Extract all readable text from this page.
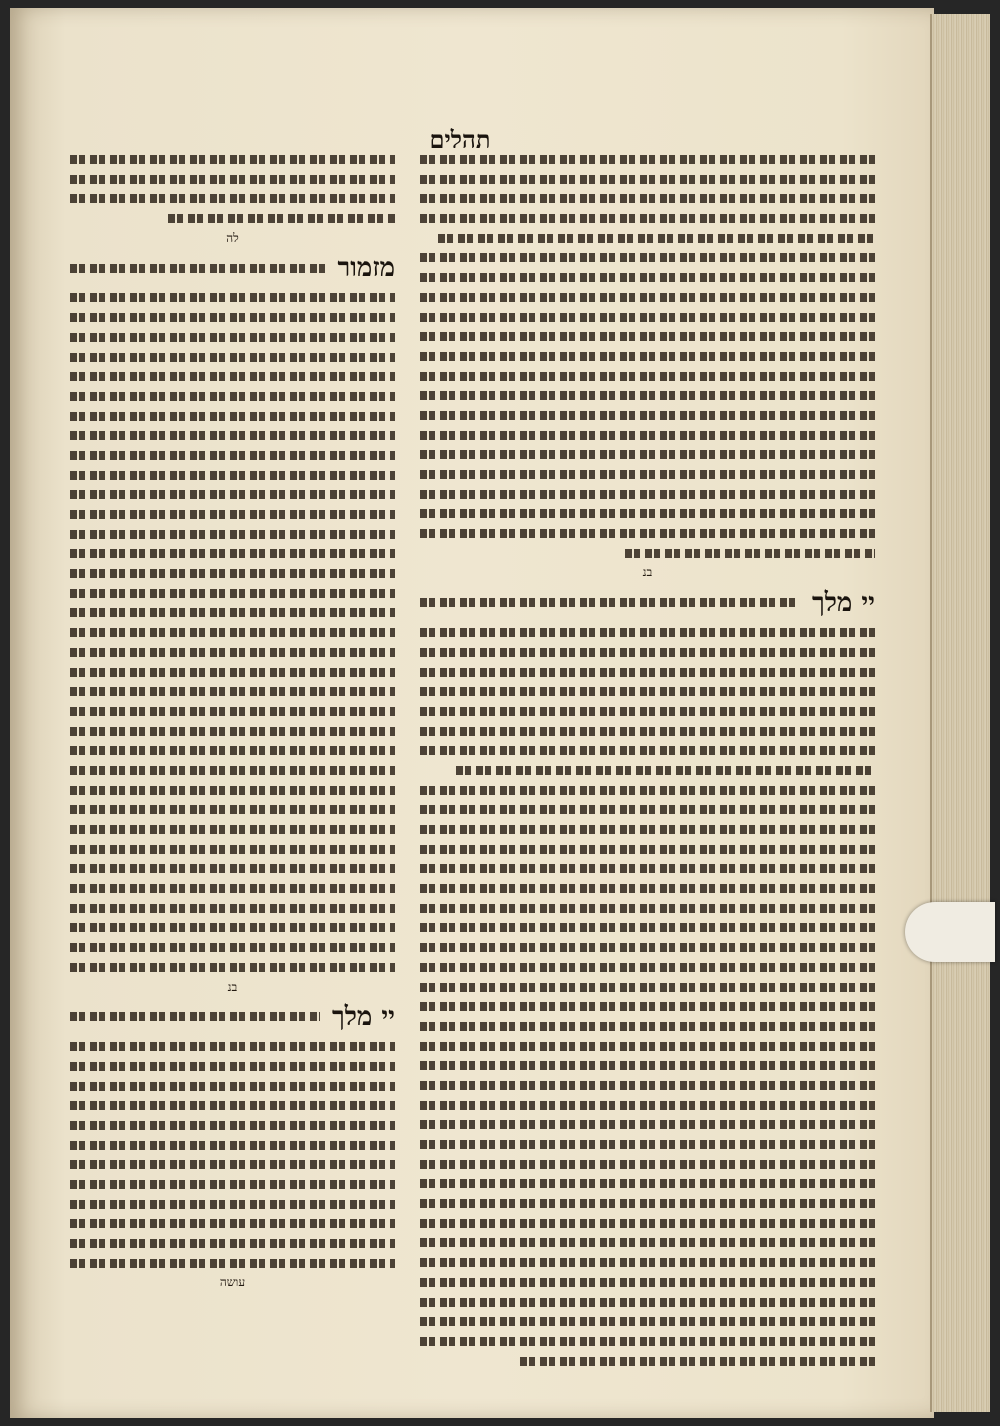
תהלים
בנ
יי מלך
לה
מזמור
בנ
יי מלך
עושה
